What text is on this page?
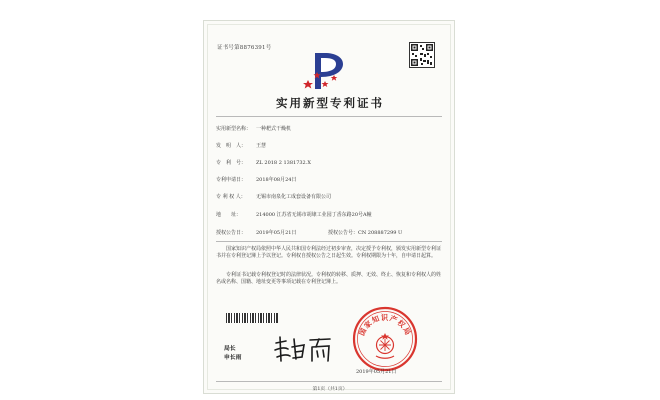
证书号第8876391号
实用新型专利证书
实用新型名称： 一种耙式干燥机
发　明　人： 王慧
专　利　号： ZL 2018 2 1381732.X
专利申请日： 2018年08月24日
专 利 权 人： 无锡市南泉化工成套设备有限公司
地　　址：	214000 江苏省无锡市胡埭工业园丁香东路20号A幢
授权公告日： 2019年05月21日	授权公告号：CN 208887299 U
国家知识产权局依照中华人民共和国专利法经过初步审查，决定授予专利权，颁发实用新型专利证书并在专利登记簿上予以登记。专利权自授权公告之日起生效。专利权期限为十年，自申请日起算。
专利证书记载专利权登记时的法律状况。专利权的转移、质押、无效、终止、恢复和专利权人的姓名或名称、国籍、地址变更等事项记载在专利登记簿上。
局长
申长雨
国家知识产权局
2019年05月21日
第1页（共1页）
